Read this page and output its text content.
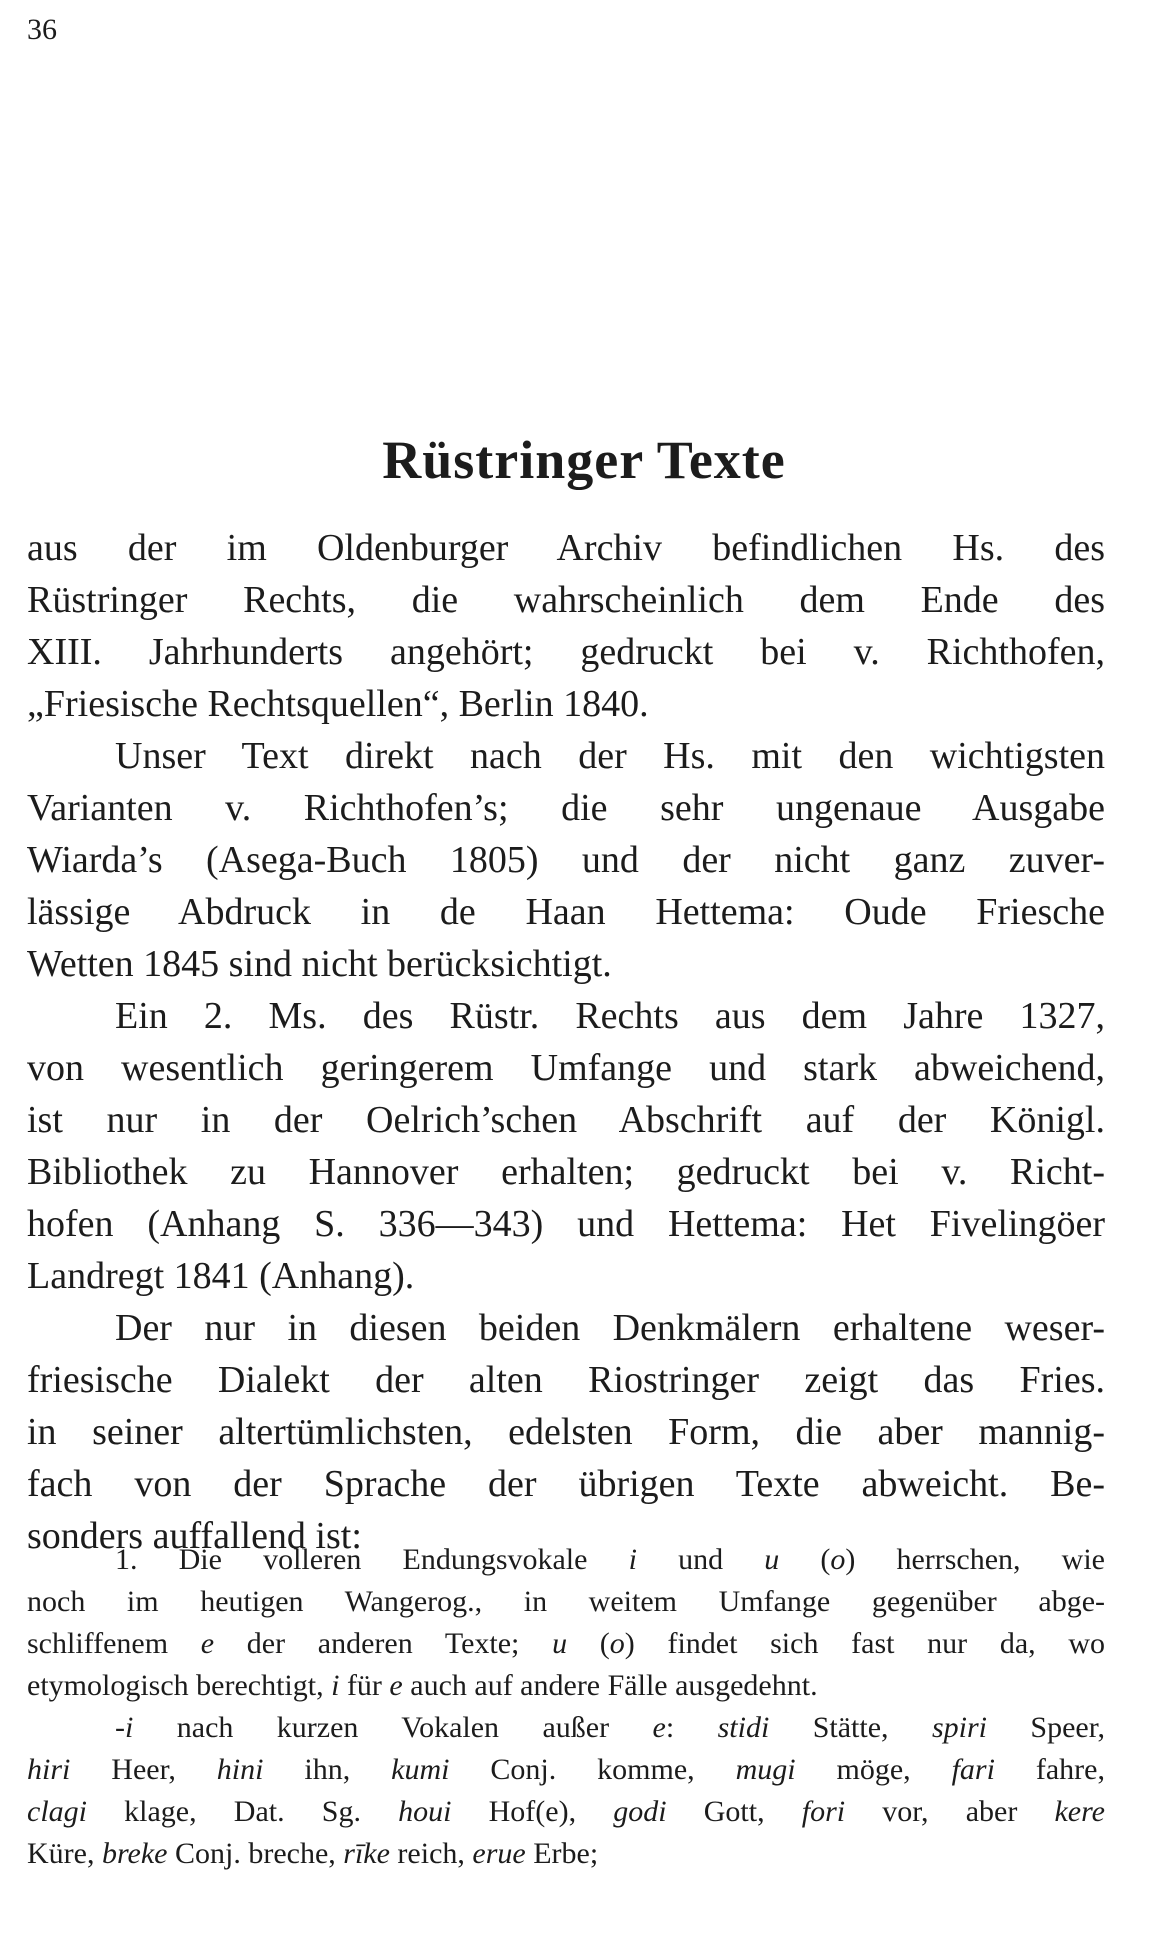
36
Rüstringer Texte
aus der im Oldenburger Archiv befindlichen Hs. des
Rüstringer Rechts, die wahrscheinlich dem Ende des
XIII. Jahrhunderts angehört; gedruckt bei v. Richthofen,
„Friesische Rechtsquellen“, Berlin 1840.
Unser Text direkt nach der Hs. mit den wichtigsten
Varianten v. Richthofen’s; die sehr ungenaue Ausgabe
Wiarda’s (Asega-Buch 1805) und der nicht ganz zuver-
lässige Abdruck in de Haan Hettema: Oude Friesche
Wetten 1845 sind nicht berücksichtigt.
Ein 2. Ms. des Rüstr. Rechts aus dem Jahre 1327,
von wesentlich geringerem Umfange und stark abweichend,
ist nur in der Oelrich’schen Abschrift auf der Königl.
Bibliothek zu Hannover erhalten; gedruckt bei v. Richt-
hofen (Anhang S. 336—343) und Hettema: Het Fivelingöer
Landregt 1841 (Anhang).
Der nur in diesen beiden Denkmälern erhaltene weser-
friesische Dialekt der alten Riostringer zeigt das Fries.
in seiner altertümlichsten, edelsten Form, die aber mannig-
fach von der Sprache der übrigen Texte abweicht. Be-
sonders auffallend ist:
1. Die volleren Endungsvokale i und u (o) herrschen, wie
noch im heutigen Wangerog., in weitem Umfange gegenüber abge-
schliffenem e der anderen Texte; u (o) findet sich fast nur da, wo
etymologisch berechtigt, i für e auch auf andere Fälle ausgedehnt.
-i nach kurzen Vokalen außer e: stidi Stätte, spiri Speer,
hiri Heer, hini ihn, kumi Conj. komme, mugi möge, fari fahre,
clagi klage, Dat. Sg. houi Hof(e), godi Gott, fori vor, aber kere
Küre, breke Conj. breche, rīke reich, erue Erbe;
